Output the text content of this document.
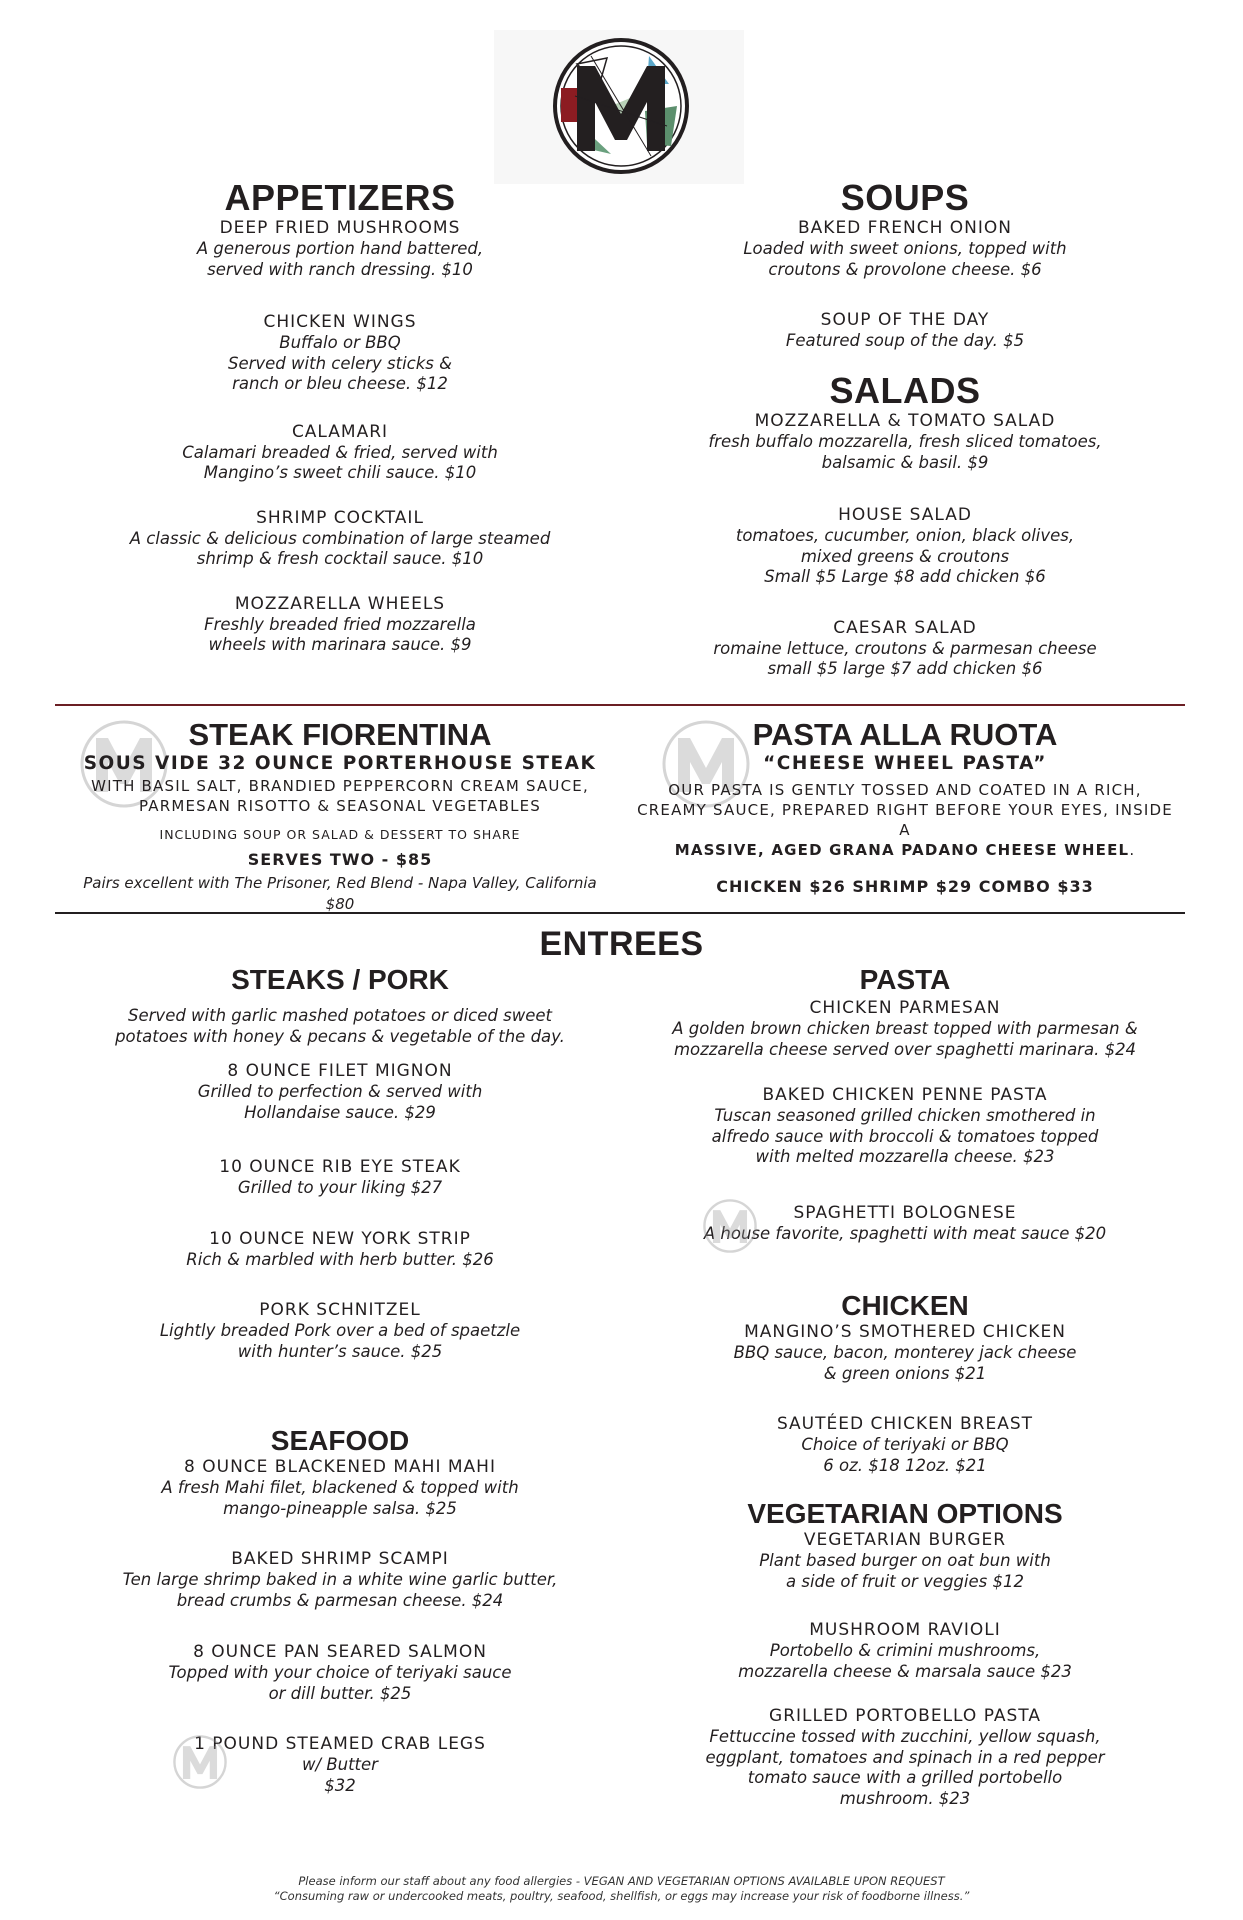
APPETIZERS
DEEP FRIED MUSHROOMS
A generous portion hand battered,
served with ranch dressing. $10
CHICKEN WINGS
Buffalo or BBQ
Served with celery sticks &
ranch or bleu cheese. $12
CALAMARI
Calamari breaded & fried, served with
Mangino’s sweet chili sauce. $10
SHRIMP COCKTAIL
A classic & delicious combination of large steamed
shrimp & fresh cocktail sauce. $10
MOZZARELLA WHEELS
Freshly breaded fried mozzarella
wheels with marinara sauce. $9
SOUPS
BAKED FRENCH ONION
Loaded with sweet onions, topped with
croutons & provolone cheese. $6
SOUP OF THE DAY
Featured soup of the day. $5
SALADS
MOZZARELLA & TOMATO SALAD
fresh buffalo mozzarella, fresh sliced tomatoes,
balsamic & basil. $9
HOUSE SALAD
tomatoes, cucumber, onion, black olives,
mixed greens & croutons
Small $5 Large $8 add chicken $6
CAESAR SALAD
romaine lettuce, croutons & parmesan cheese
small $5 large $7 add chicken $6
STEAK FIORENTINA
SOUS VIDE 32 OUNCE PORTERHOUSE STEAK
WITH BASIL SALT, BRANDIED PEPPERCORN CREAM SAUCE,
PARMESAN RISOTTO & SEASONAL VEGETABLES
INCLUDING SOUP OR SALAD & DESSERT TO SHARE
SERVES TWO - $85
Pairs excellent with The Prisoner, Red Blend - Napa Valley, California $80
PASTA ALLA RUOTA
“CHEESE WHEEL PASTA”
OUR PASTA IS GENTLY TOSSED AND COATED IN A RICH,
CREAMY SAUCE, PREPARED RIGHT BEFORE YOUR EYES, INSIDE A
MASSIVE, AGED GRANA PADANO CHEESE WHEEL.
CHICKEN $26 SHRIMP $29 COMBO $33
ENTREES
STEAKS / PORK
Served with garlic mashed potatoes or diced sweet
potatoes with honey & pecans & vegetable of the day.
8 OUNCE FILET MIGNON
Grilled to perfection & served with
Hollandaise sauce. $29
10 OUNCE RIB EYE STEAK
Grilled to your liking $27
10 OUNCE NEW YORK STRIP
Rich & marbled with herb butter. $26
PORK SCHNITZEL
Lightly breaded Pork over a bed of spaetzle
with hunter’s sauce. $25
SEAFOOD
8 OUNCE BLACKENED MAHI MAHI
A fresh Mahi filet, blackened & topped with
mango-pineapple salsa. $25
BAKED SHRIMP SCAMPI
Ten large shrimp baked in a white wine garlic butter,
bread crumbs & parmesan cheese. $24
8 OUNCE PAN SEARED SALMON
Topped with your choice of teriyaki sauce
or dill butter. $25
1 POUND STEAMED CRAB LEGS
w/ Butter
$32
PASTA
CHICKEN PARMESAN
A golden brown chicken breast topped with parmesan &
mozzarella cheese served over spaghetti marinara. $24
BAKED CHICKEN PENNE PASTA
Tuscan seasoned grilled chicken smothered in
alfredo sauce with broccoli & tomatoes topped
with melted mozzarella cheese. $23
SPAGHETTI BOLOGNESE
A house favorite, spaghetti with meat sauce $20
CHICKEN
MANGINO’S SMOTHERED CHICKEN
BBQ sauce, bacon, monterey jack cheese
& green onions $21
SAUTÉED CHICKEN BREAST
Choice of teriyaki or BBQ
6 oz. $18 12oz. $21
VEGETARIAN OPTIONS
VEGETARIAN BURGER
Plant based burger on oat bun with
a side of fruit or veggies $12
MUSHROOM RAVIOLI
Portobello & crimini mushrooms,
mozzarella cheese & marsala sauce $23
GRILLED PORTOBELLO PASTA
Fettuccine tossed with zucchini, yellow squash,
eggplant, tomatoes and spinach in a red pepper
tomato sauce with a grilled portobello
mushroom. $23
Please inform our staff about any food allergies - VEGAN AND VEGETARIAN OPTIONS AVAILABLE UPON REQUEST
“Consuming raw or undercooked meats, poultry, seafood, shellfish, or eggs may increase your risk of foodborne illness.”
